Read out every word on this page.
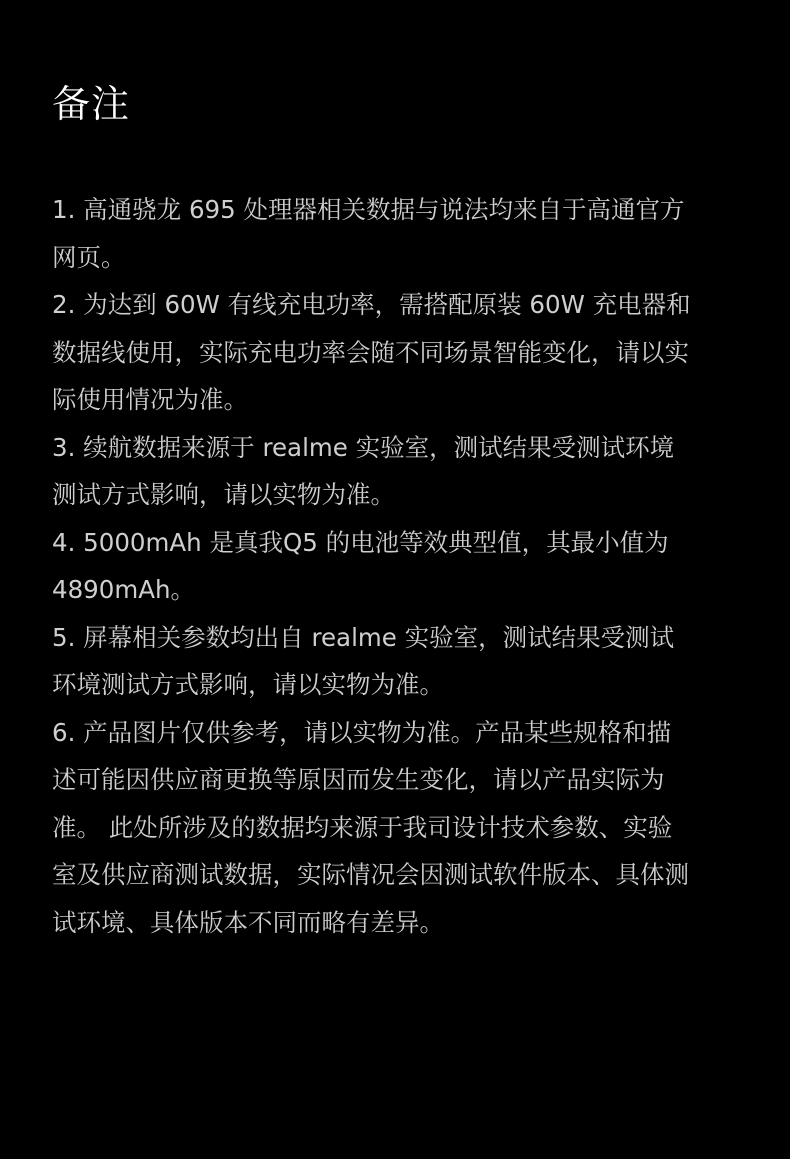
备注

1. 高通骁龙 695 处理器相关数据与说法均来自于高通官方
网页。

2. 为达到 60W 有线充电功率，需搭配原装 60W 充电器和
数据线使用，实际充电功率会随不同场景智能变化，请以实
际使用情况为准。

3. 续航数据来源于 realme 实验室，测试结果受测试环境
测试方式影响，请以实物为准。

4. 5000mAh 是真我Q5 的电池等效典型值，其最小值为
4890mAh。

5. 屏幕相关参数均出自 realme 实验室，测试结果受测试
环境测试方式影响，请以实物为准。

6. 产品图片仅供参考，请以实物为准。产品某些规格和描
述可能因供应商更换等原因而发生变化，请以产品实际为
准。 此处所涉及的数据均来源于我司设计技术参数、实验
室及供应商测试数据，实际情况会因测试软件版本、具体测
试环境、具体版本不同而略有差异。
